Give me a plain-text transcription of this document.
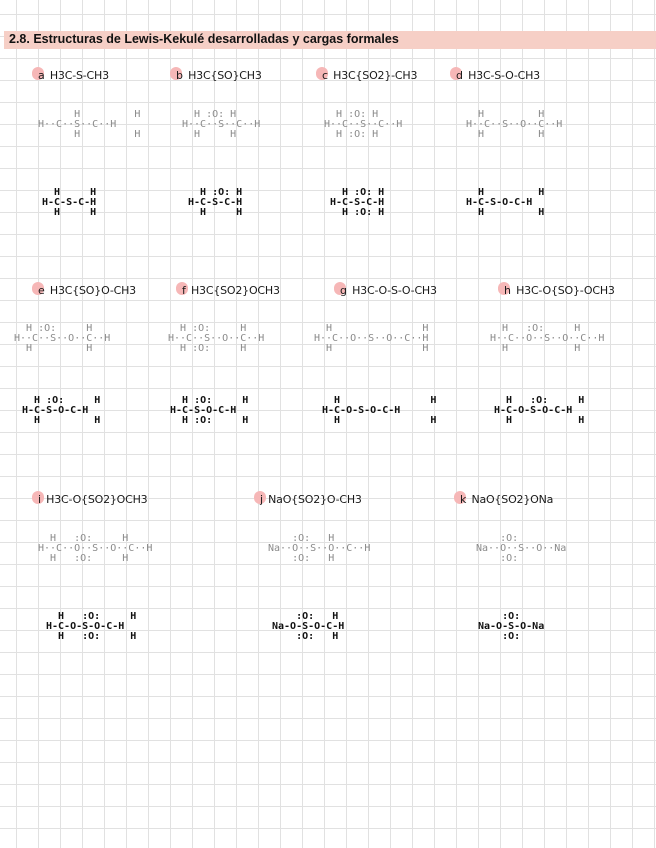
2.8. Estructuras de Lewis-Kekulé desarrolladas y cargas formales
a H3C-S-CH3
H         H
H··C··S··C··H
H         H
H     H
H-C-S-C-H
H     H
b H3C{SO}CH3
H :O: H
H··C··S··C··H
H     H
H :O: H
H-C-S-C-H
H     H
c H3C{SO2}-CH3
H :O: H
H··C··S··C··H
H :O: H
H :O: H
H-C-S-C-H
H :O: H
d H3C-S-O-CH3
H         H
H··C··S··O··C··H
H         H
H         H
H-C-S-O-C-H
H         H
e H3C{SO}O-CH3
H :O:     H
H··C··S··O··C··H
H         H
H :O:     H
H-C-S-O-C-H
H         H
f H3C{SO2}OCH3
H :O:     H
H··C··S··O··C··H
H :O:     H
H :O:     H
H-C-S-O-C-H
H :O:     H
g H3C-O-S-O-CH3
H               H
H··C··O··S··O··C··H
H               H
H               H
H-C-O-S-O-C-H
H               H
h H3C-O{SO}-OCH3
H   :O:     H
H··C··O··S··O··C··H
H           H
H   :O:     H
H-C-O-S-O-C-H
H           H
i H3C-O{SO2}OCH3
H   :O:     H
H··C··O··S··O··C··H
H   :O:     H
H   :O:     H
H-C-O-S-O-C-H
H   :O:     H
j NaO{SO2}O-CH3
:O:   H
Na··O··S··O··C··H
:O:   H
:O:   H
Na-O-S-O-C-H
:O:   H
k NaO{SO2}ONa
:O:
Na··O··S··O··Na
:O:
:O:
Na-O-S-O-Na
:O:
